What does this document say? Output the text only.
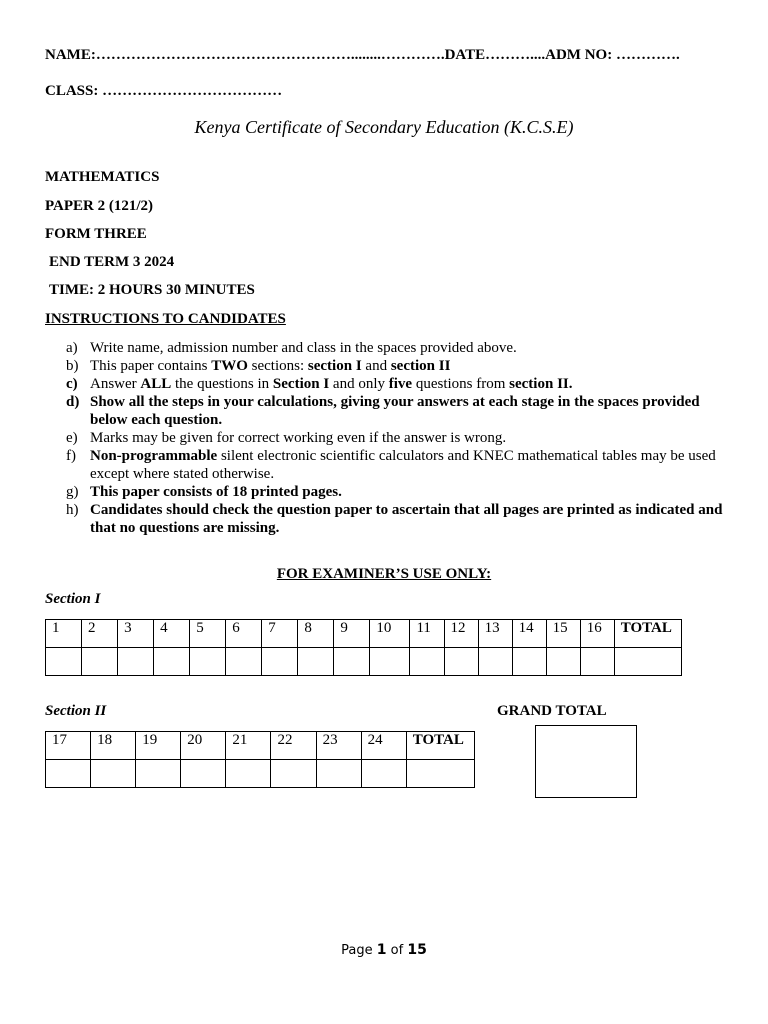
NAME:……………………………………………........………….DATE………....ADM NO: ………….
CLASS: ………………………………
Kenya Certificate of Secondary Education (K.C.S.E)
MATHEMATICS
PAPER 2 (121/2)
FORM THREE
END TERM 3 2024
TIME: 2 HOURS 30 MINUTES
INSTRUCTIONS TO CANDIDATES
a) Write name, admission number and class in the spaces provided above.
b) This paper contains TWO sections: section I and section II
c) Answer ALL the questions in Section I and only five questions from section II.
d) Show all the steps in your calculations, giving your answers at each stage in the spaces provided below each question.
e) Marks may be given for correct working even if the answer is wrong.
f) Non-programmable silent electronic scientific calculators and KNEC mathematical tables may be used except where stated otherwise.
g) This paper consists of 18 printed pages.
h) Candidates should check the question paper to ascertain that all pages are printed as indicated and that no questions are missing.
FOR EXAMINER’S USE ONLY:
Section I
1	2	3	4	5	6	7	8	9	10	11	12	13	14	15	16	TOTAL

Section II	GRAND TOTAL
17	18	19	20	21	22	23	24	TOTAL

Page 1 of 15
